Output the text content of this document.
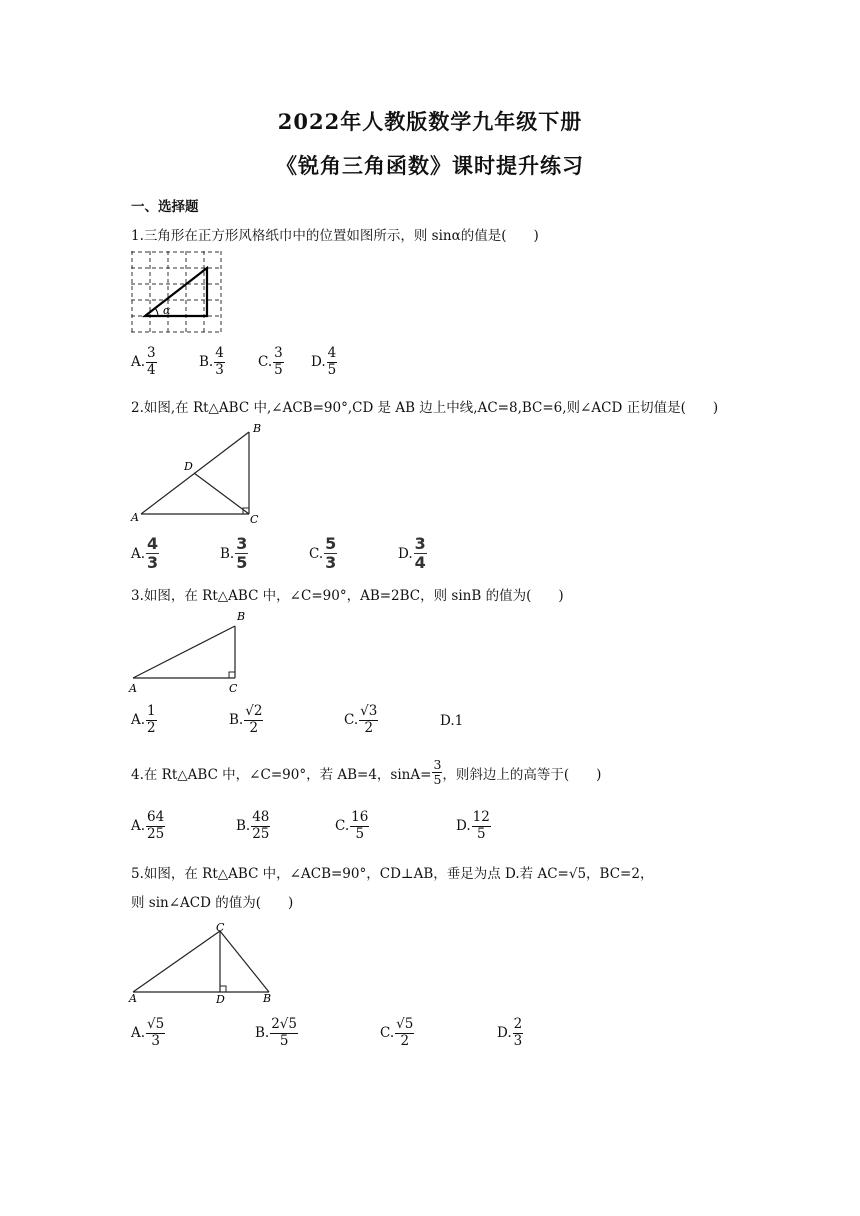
2022年人教版数学九年级下册
《锐角三角函数》课时提升练习
一、选择题
1.三角形在正方形风格纸巾中的位置如图所示，则 sinα的值是(　　)
α
A. $\frac{3}{4}$	B. $\frac{4}{3} C$. $\frac{3}{5} D$. $\frac{4}{5}$
2.如图,在 Rt△ABC 中,∠ACB=90°,CD 是 AB 边上中线,AC=8,BC=6,则∠ACD 正切值是(　　)
A
B
C
D
A. $\frac{4}{3}$	B. $\frac{3}{5}$	C. $\frac{5}{3}$	D. $\frac{3}{4}$
3.如图，在 Rt△ABC 中，∠C=90°，AB=2BC，则 sinB 的值为(　　)
A
B
C
A. $\frac{1}{2}$	B. $\frac{√2}{2}$	C. $\frac{√3}{2}$	D. 1
4.在 Rt△ABC 中，∠C=90°，若 AB=4，$\sin A= \frac{3}{5}$ ，则斜边上的高等于(　　)
A. $\frac{64}{25}$	B. $\frac{48}{25}$	C. $\frac{16}{5}$	D. $\frac{12}{5}$
5.如图，在 Rt△ABC 中，∠ACB=90°，CD⊥AB，垂足为点 D.若 AC=√5，BC=2，
则 sin∠ACD 的值为(　　)
A	B
C
D
A. $\frac{√5}{3}$	B. $\frac{2√5}{5}$	C. $\frac{√5}{2}$	D. $\frac{2}{3}$
